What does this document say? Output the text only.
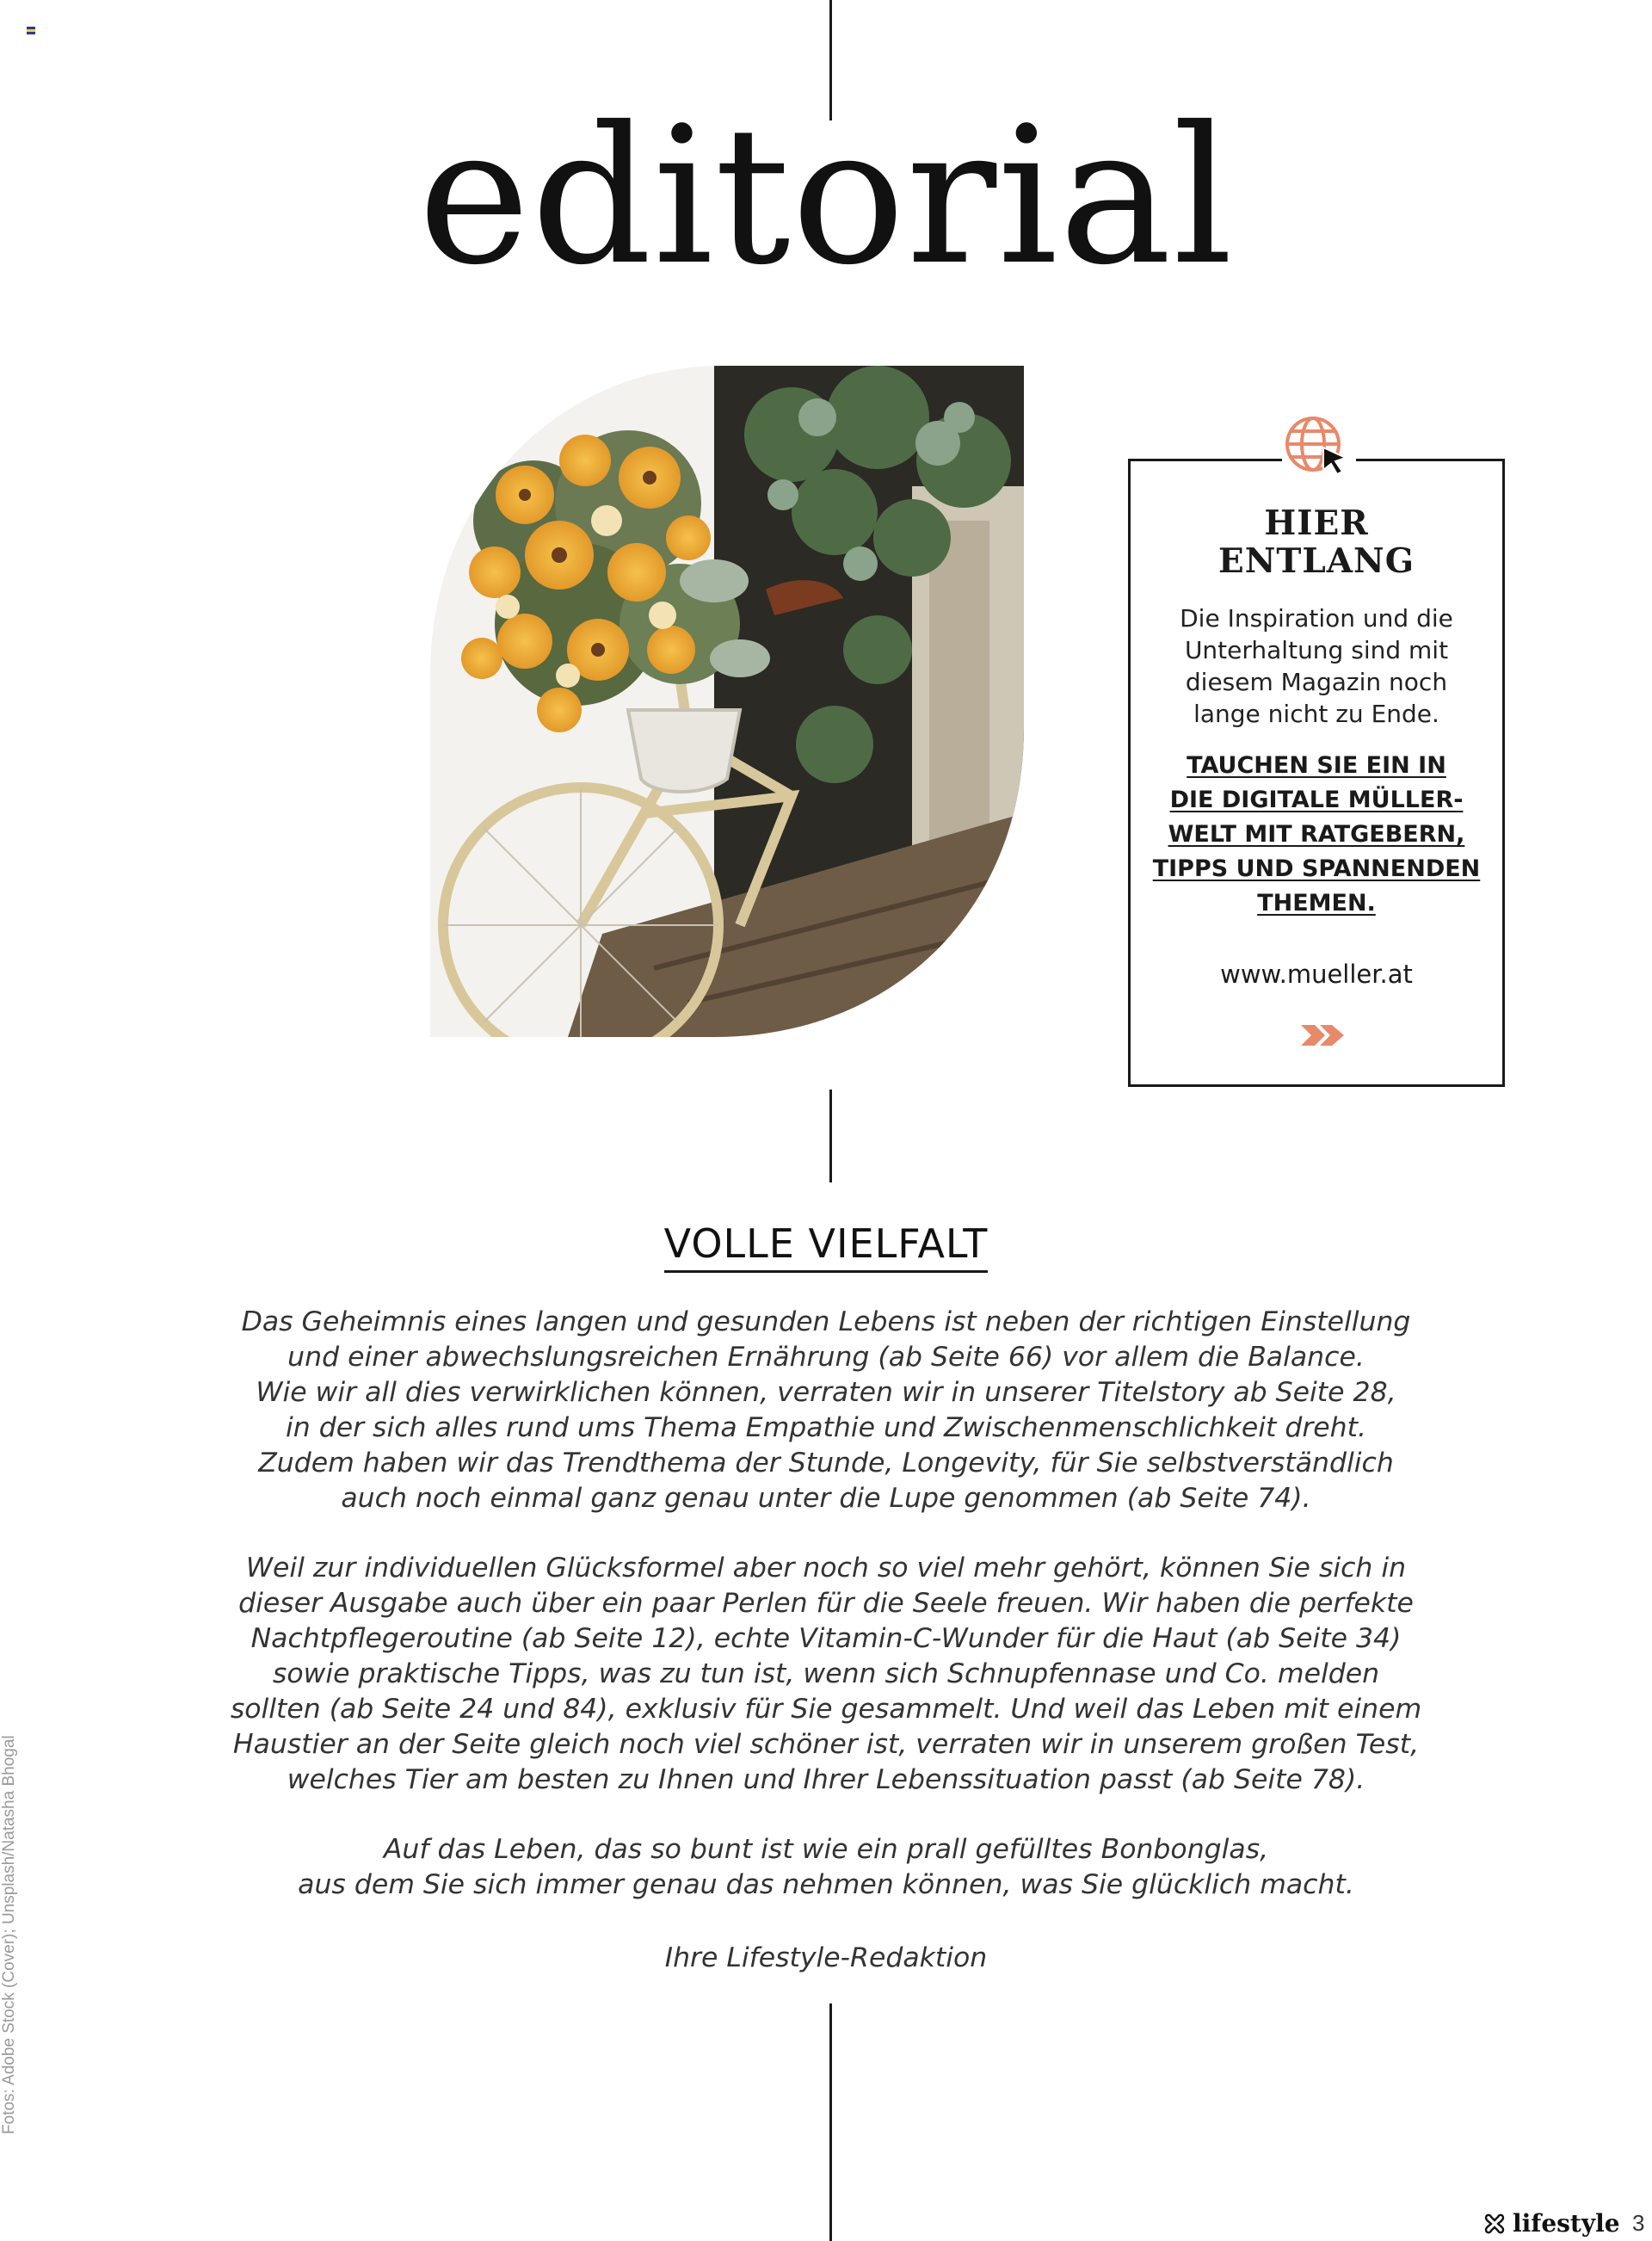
editorial
HIER
ENTLANG
Die Inspiration und die
Unterhaltung sind mit
diesem Magazin noch
lange nicht zu Ende.
TAUCHEN SIE EIN IN
DIE DIGITALE MÜLLER-
WELT MIT RATGEBERN,
TIPPS UND SPANNENDEN
THEMEN.
www.mueller.at
VOLLE VIELFALT

Das Geheimnis eines langen und gesunden Lebens ist neben der richtigen Einstellung
und einer abwechslungsreichen Ernährung (ab Seite 66) vor allem die Balance.
Wie wir all dies verwirklichen können, verraten wir in unserer Titelstory ab Seite 28,
in der sich alles rund ums Thema Empathie und Zwischenmenschlichkeit dreht.
Zudem haben wir das Trendthema der Stunde, Longevity, für Sie selbstverständlich
auch noch einmal ganz genau unter die Lupe genommen (ab Seite 74).

Weil zur individuellen Glücksformel aber noch so viel mehr gehört, können Sie sich in
dieser Ausgabe auch über ein paar Perlen für die Seele freuen. Wir haben die perfekte
Nachtpflegeroutine (ab Seite 12), echte Vitamin-C-Wunder für die Haut (ab Seite 34)
sowie praktische Tipps, was zu tun ist, wenn sich Schnupfennase und Co. melden
sollten (ab Seite 24 und 84), exklusiv für Sie gesammelt. Und weil das Leben mit einem
Haustier an der Seite gleich noch viel schöner ist, verraten wir in unserem großen Test,
welches Tier am besten zu Ihnen und Ihrer Lebenssituation passt (ab Seite 78).

Auf das Leben, das so bunt ist wie ein prall gefülltes Bonbonglas,
aus dem Sie sich immer genau das nehmen können, was Sie glücklich macht.

Ihre Lifestyle-Redaktion

Fotos: Adobe Stock (Cover); Unsplash/Natasha Bhogal
lifestyle 3
